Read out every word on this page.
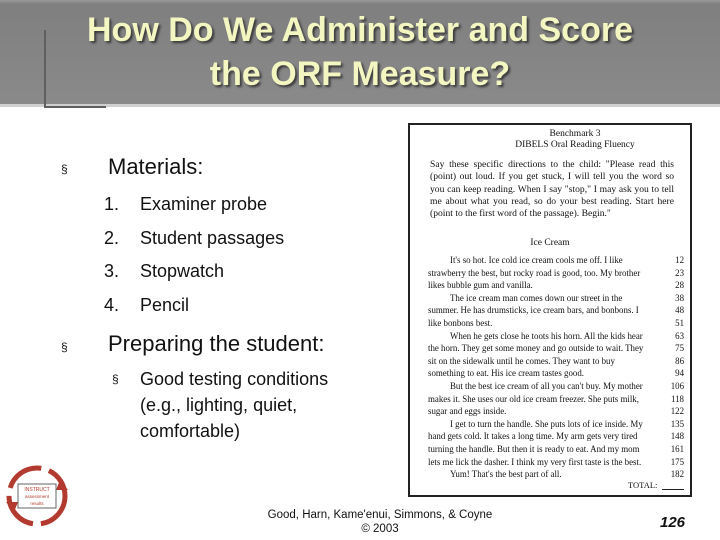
How Do We Administer and Score
the ORF Measure?
§ Materials:
1. Examiner probe
2. Student passages
3. Stopwatch
4. Pencil
§ Preparing the student:
§ Good testing conditions
(e.g., lighting, quiet,
comfortable)
Benchmark 3
DIBELS Oral Reading Fluency
Say these specific directions to the child: "Please read this (point) out loud. If you get stuck, I will tell you the word so you can keep reading. When I say "stop," I may ask you to tell me about what you read, so do your best reading. Start here (point to the first word of the passage). Begin."
Ice Cream
It's so hot. Ice cold ice cream cools me off. I like	12
strawberry the best, but rocky road is good, too. My brother	23
likes bubble gum and vanilla.	28
The ice cream man comes down our street in the	38
summer. He has drumsticks, ice cream bars, and bonbons. I	48
like bonbons best.	51
When he gets close he toots his horn. All the kids hear	63
the horn. They get some money and go outside to wait. They	75
sit on the sidewalk until he comes. They want to buy	86
something to eat. His ice cream tastes good.	94
But the best ice cream of all you can't buy. My mother	106
makes it. She uses our old ice cream freezer. She puts milk,	118
sugar and eggs inside.	122
I get to turn the handle. She puts lots of ice inside. My	135
hand gets cold. It takes a long time. My arm gets very tired	148
turning the handle. But then it is ready to eat. And my mom	161
lets me lick the dasher. I think my very first taste is the best.	175
Yum! That's the best part of all.	182
TOTAL:
INSTRUCT
assessment
results
Good, Harn, Kame'enui, Simmons, & Coyne
© 2003	126
